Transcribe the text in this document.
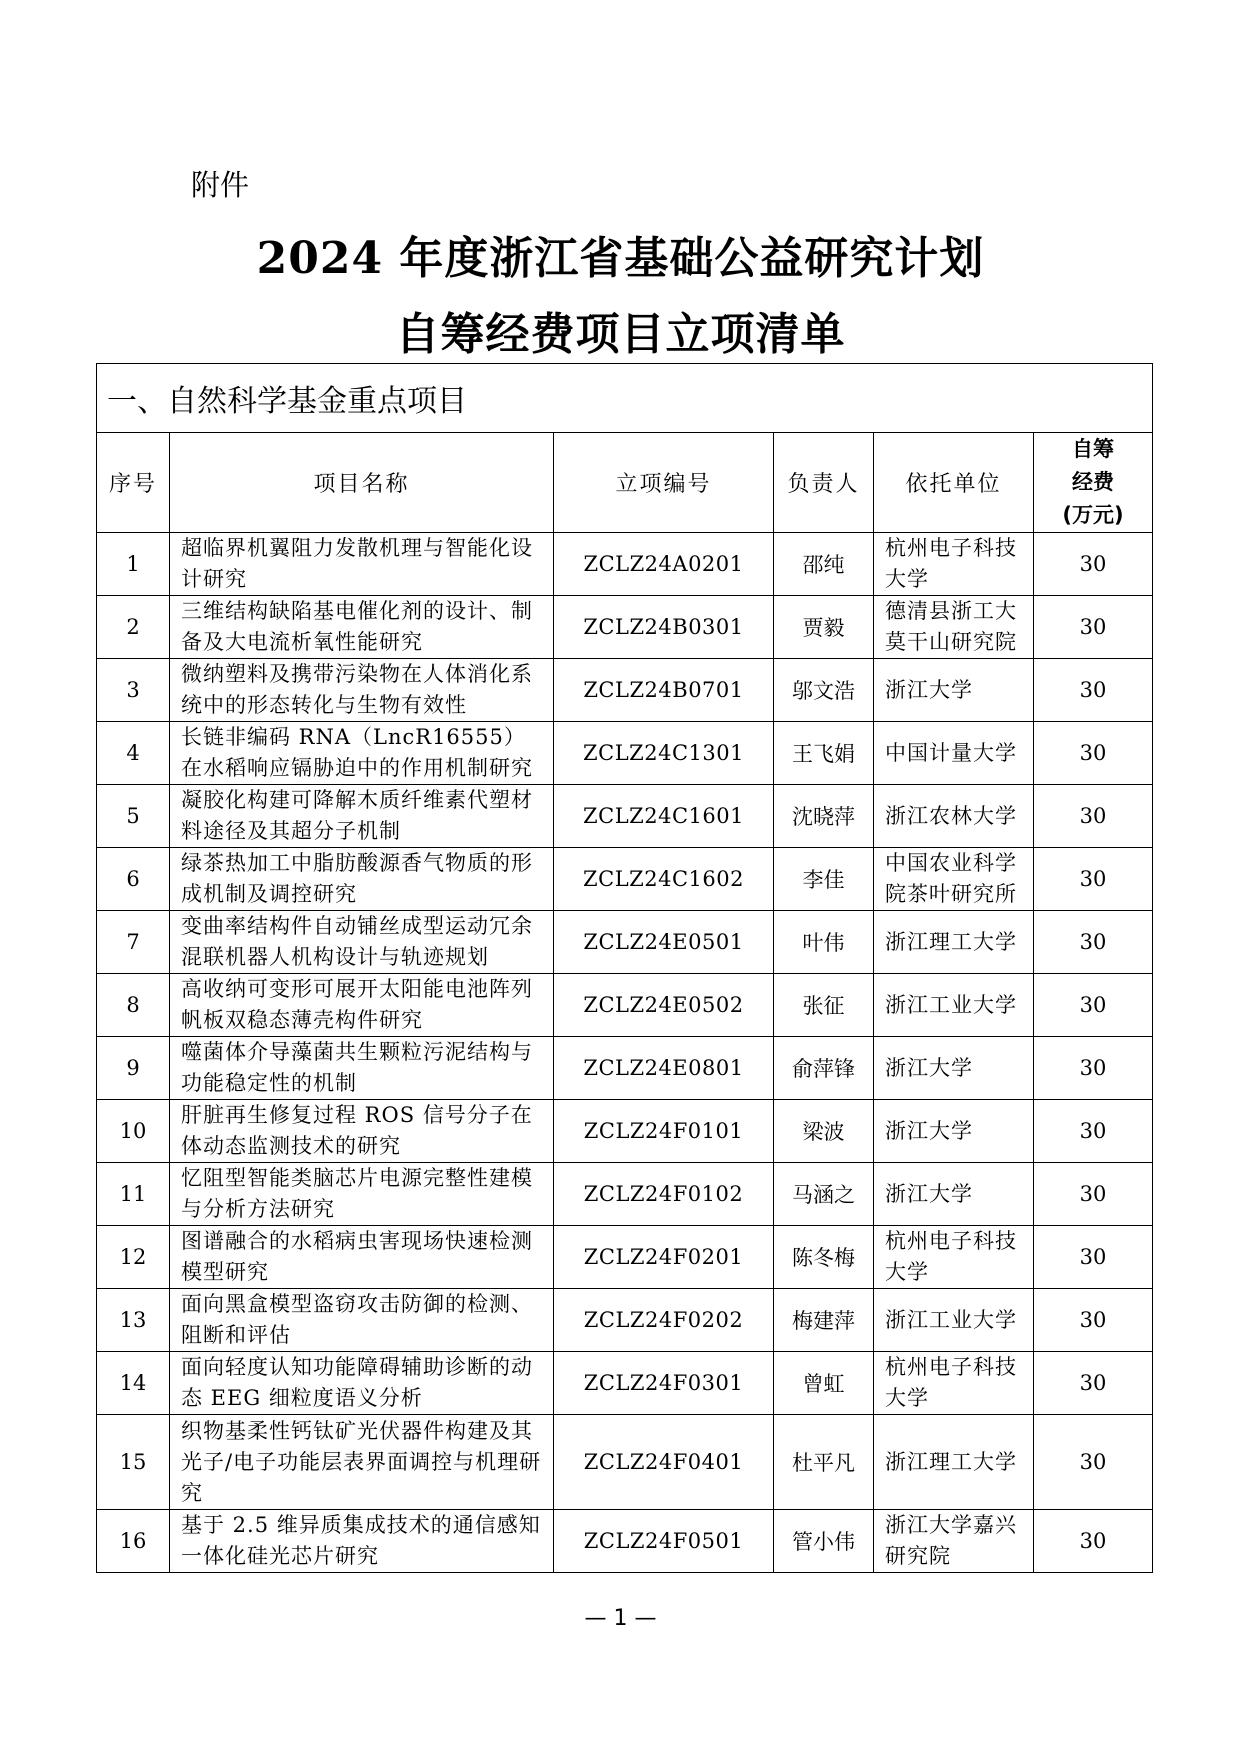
附件
2024 年度浙江省基础公益研究计划
自筹经费项目立项清单
一、自然科学基金重点项目					
序号	项目名称	立项编号	负责人	依托单位	自筹
经费
(万元)

1	超临界机翼阻力发散机理与智能化设计研究	ZCLZ24A0201	邵纯	杭州电子科技大学	30
2	三维结构缺陷基电催化剂的设计、制备及大电流析氧性能研究	ZCLZ24B0301	贾毅	德清县浙工大莫干山研究院	30
3	微纳塑料及携带污染物在人体消化系统中的形态转化与生物有效性	ZCLZ24B0701	邬文浩	浙江大学	30
4	长链非编码 RNA（LncR16555）在水稻响应镉胁迫中的作用机制研究	ZCLZ24C1301	王飞娟	中国计量大学	30
5	凝胶化构建可降解木质纤维素代塑材料途径及其超分子机制	ZCLZ24C1601	沈晓萍	浙江农林大学	30
6	绿茶热加工中脂肪酸源香气物质的形成机制及调控研究	ZCLZ24C1602	李佳	中国农业科学院茶叶研究所	30
7	变曲率结构件自动铺丝成型运动冗余混联机器人机构设计与轨迹规划	ZCLZ24E0501	叶伟	浙江理工大学	30
8	高收纳可变形可展开太阳能电池阵列帆板双稳态薄壳构件研究	ZCLZ24E0502	张征	浙江工业大学	30
9	噬菌体介导藻菌共生颗粒污泥结构与功能稳定性的机制	ZCLZ24E0801	俞萍锋	浙江大学	30
10	肝脏再生修复过程 ROS 信号分子在体动态监测技术的研究	ZCLZ24F0101	梁波	浙江大学	30
11	忆阻型智能类脑芯片电源完整性建模与分析方法研究	ZCLZ24F0102	马涵之	浙江大学	30
12	图谱融合的水稻病虫害现场快速检测模型研究	ZCLZ24F0201	陈冬梅	杭州电子科技大学	30
13	面向黑盒模型盗窃攻击防御的检测、阻断和评估	ZCLZ24F0202	梅建萍	浙江工业大学	30
14	面向轻度认知功能障碍辅助诊断的动态 EEG 细粒度语义分析	ZCLZ24F0301	曾虹	杭州电子科技大学	30
15	织物基柔性钙钛矿光伏器件构建及其光子/电子功能层表界面调控与机理研究	ZCLZ24F0401	杜平凡	浙江理工大学	30
16	基于 2.5 维异质集成技术的通信感知一体化硅光芯片研究	ZCLZ24F0501	管小伟	浙江大学嘉兴研究院	30
— 1 —
